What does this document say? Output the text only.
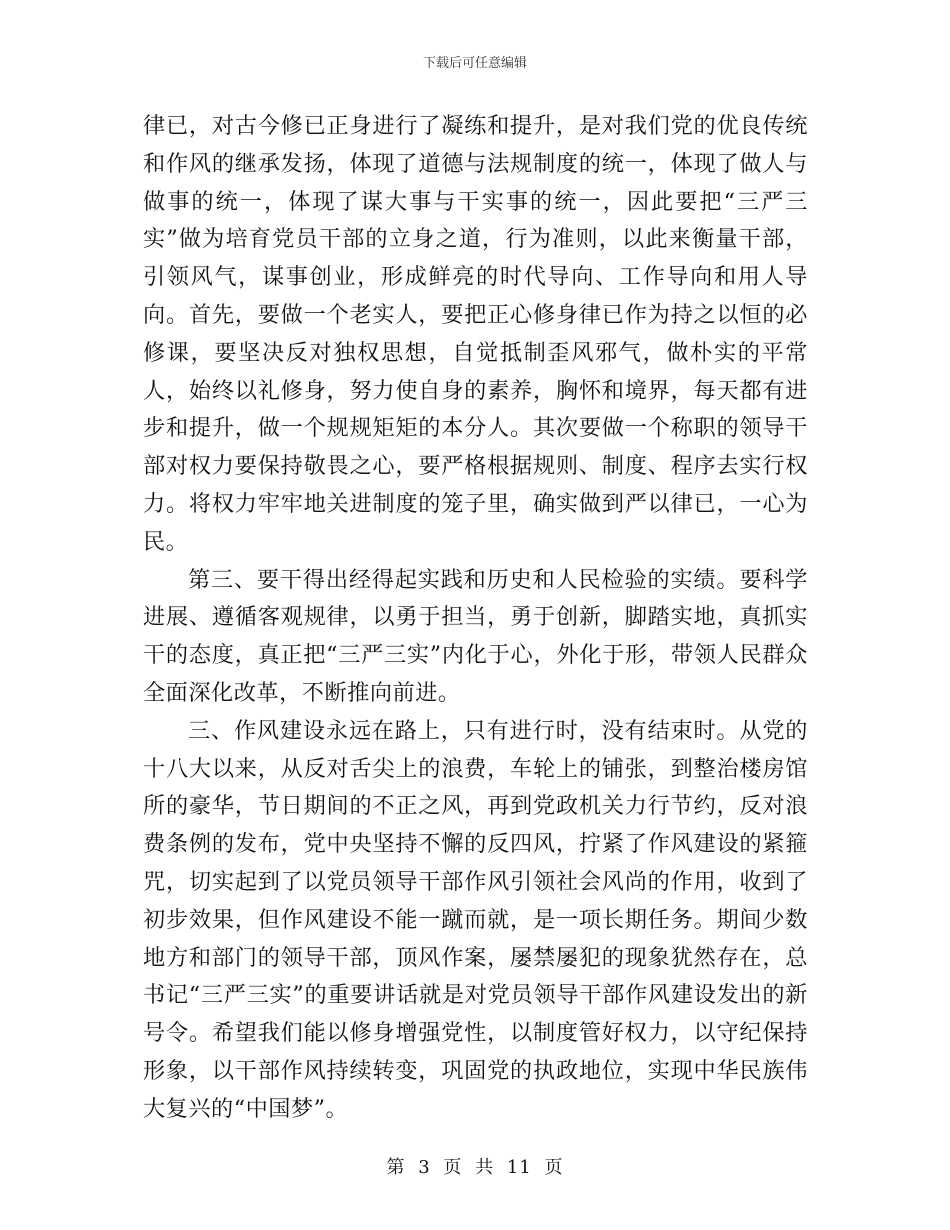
下载后可任意编辑

律已，对古今修已正身进行了凝练和提升，是对我们党的优良传统和作风的继承发扬，体现了道德与法规制度的统一，体现了做人与做事的统一，体现了谋大事与干实事的统一，因此要把“三严三实”做为培育党员干部的立身之道，行为准则，以此来衡量干部，引领风气，谋事创业，形成鲜亮的时代导向、工作导向和用人导向。首先，要做一个老实人，要把正心修身律已作为持之以恒的必修课，要坚决反对独权思想，自觉抵制歪风邪气，做朴实的平常人，始终以礼修身，努力使自身的素养，胸怀和境界，每天都有进步和提升，做一个规规矩矩的本分人。其次要做一个称职的领导干部对权力要保持敬畏之心，要严格根据规则、制度、程序去实行权力。将权力牢牢地关进制度的笼子里，确实做到严以律已，一心为民。

第三、要干得出经得起实践和历史和人民检验的实绩。要科学进展、遵循客观规律，以勇于担当，勇于创新，脚踏实地，真抓实干的态度，真正把“三严三实”内化于心，外化于形，带领人民群众全面深化改革，不断推向前进。

三、作风建设永远在路上，只有进行时，没有结束时。从党的十八大以来，从反对舌尖上的浪费，车轮上的铺张，到整治楼房馆所的豪华，节日期间的不正之风，再到党政机关力行节约，反对浪费条例的发布，党中央坚持不懈的反四风，拧紧了作风建设的紧箍咒，切实起到了以党员领导干部作风引领社会风尚的作用，收到了初步效果，但作风建设不能一蹴而就，是一项长期任务。期间少数地方和部门的领导干部，顶风作案，屡禁屡犯的现象犹然存在，总书记“三严三实”的重要讲话就是对党员领导干部作风建设发出的新号令。希望我们能以修身增强党性，以制度管好权力，以守纪保持形象，以干部作风持续转变，巩固党的执政地位，实现中华民族伟大复兴的“中国梦”。

第 3 页 共 11 页
